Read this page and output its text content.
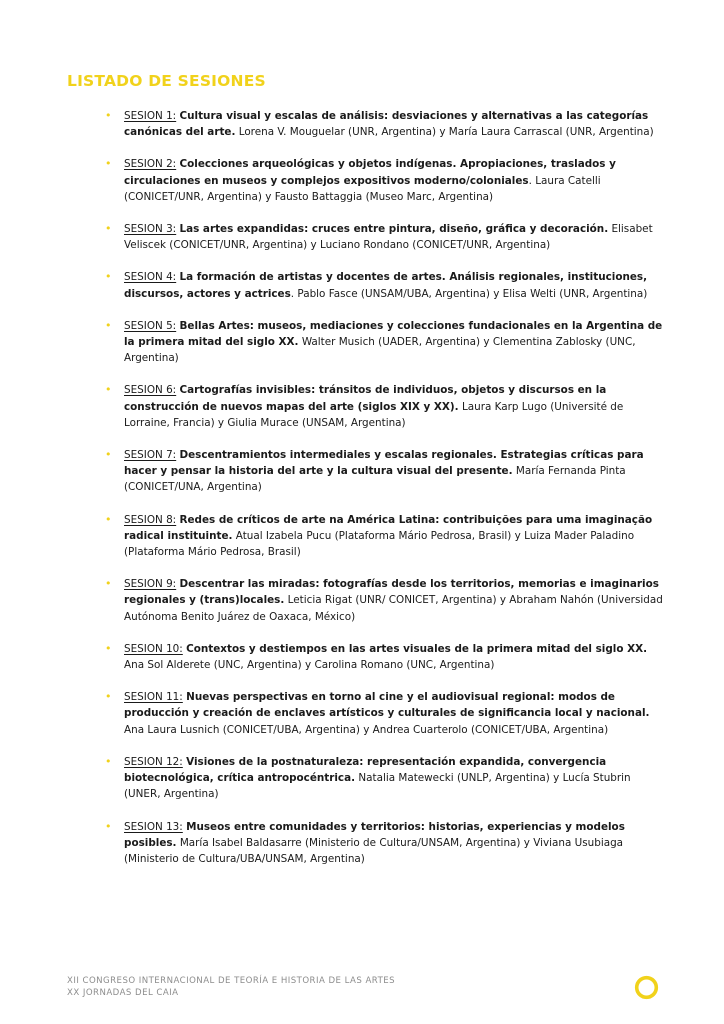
LISTADO DE SESIONES
• SESION 1: Cultura visual y escalas de análisis: desviaciones y alternativas a las categorías canónicas del arte. Lorena V. Mouguelar (UNR, Argentina) y María Laura Carrascal (UNR, Argentina)
• SESION 2: Colecciones arqueológicas y objetos indígenas. Apropiaciones, traslados y circulaciones en museos y complejos expositivos moderno/coloniales. Laura Catelli (CONICET/UNR, Argentina) y Fausto Battaggia (Museo Marc, Argentina)
• SESION 3: Las artes expandidas: cruces entre pintura, diseño, gráfica y decoración. Elisabet Veliscek (CONICET/UNR, Argentina) y Luciano Rondano (CONICET/UNR, Argentina)
• SESION 4: La formación de artistas y docentes de artes. Análisis regionales, instituciones, discursos, actores y actrices. Pablo Fasce (UNSAM/UBA, Argentina) y Elisa Welti (UNR, Argentina)
• SESION 5: Bellas Artes: museos, mediaciones y colecciones fundacionales en la Argentina de la primera mitad del siglo XX. Walter Musich (UADER, Argentina) y Clementina Zablosky (UNC, Argentina)
• SESION 6: Cartografías invisibles: tránsitos de individuos, objetos y discursos en la construcción de nuevos mapas del arte (siglos XIX y XX). Laura Karp Lugo (Université de Lorraine, Francia) y Giulia Murace (UNSAM, Argentina)
• SESION 7: Descentramientos intermediales y escalas regionales. Estrategias críticas para hacer y pensar la historia del arte y la cultura visual del presente. María Fernanda Pinta (CONICET/UNA, Argentina)
• SESION 8: Redes de críticos de arte na América Latina: contribuições para uma imaginação radical instituinte. Atual Izabela Pucu (Plataforma Mário Pedrosa, Brasil) y Luiza Mader Paladino (Plataforma Mário Pedrosa, Brasil)
• SESION 9: Descentrar las miradas: fotografías desde los territorios, memorias e imaginarios regionales y (trans)locales. Leticia Rigat (UNR/ CONICET, Argentina) y Abraham Nahón (Universidad Autónoma Benito Juárez de Oaxaca, México)
• SESION 10: Contextos y destiempos en las artes visuales de la primera mitad del siglo XX. Ana Sol Alderete (UNC, Argentina) y Carolina Romano (UNC, Argentina)
• SESION 11: Nuevas perspectivas en torno al cine y el audiovisual regional: modos de producción y creación de enclaves artísticos y culturales de significancia local y nacional. Ana Laura Lusnich (CONICET/UBA, Argentina) y Andrea Cuarterolo (CONICET/UBA, Argentina)
• SESION 12: Visiones de la postnaturaleza: representación expandida, convergencia biotecnológica, crítica antropocéntrica. Natalia Matewecki (UNLP, Argentina) y Lucía Stubrin (UNER, Argentina)
• SESION 13: Museos entre comunidades y territorios: historias, experiencias y modelos posibles. María Isabel Baldasarre (Ministerio de Cultura/UNSAM, Argentina) y Viviana Usubiaga (Ministerio de Cultura/UBA/UNSAM, Argentina)
XII CONGRESO INTERNACIONAL DE TEORÍA E HISTORIA DE LAS ARTES
XX JORNADAS DEL CAIA
